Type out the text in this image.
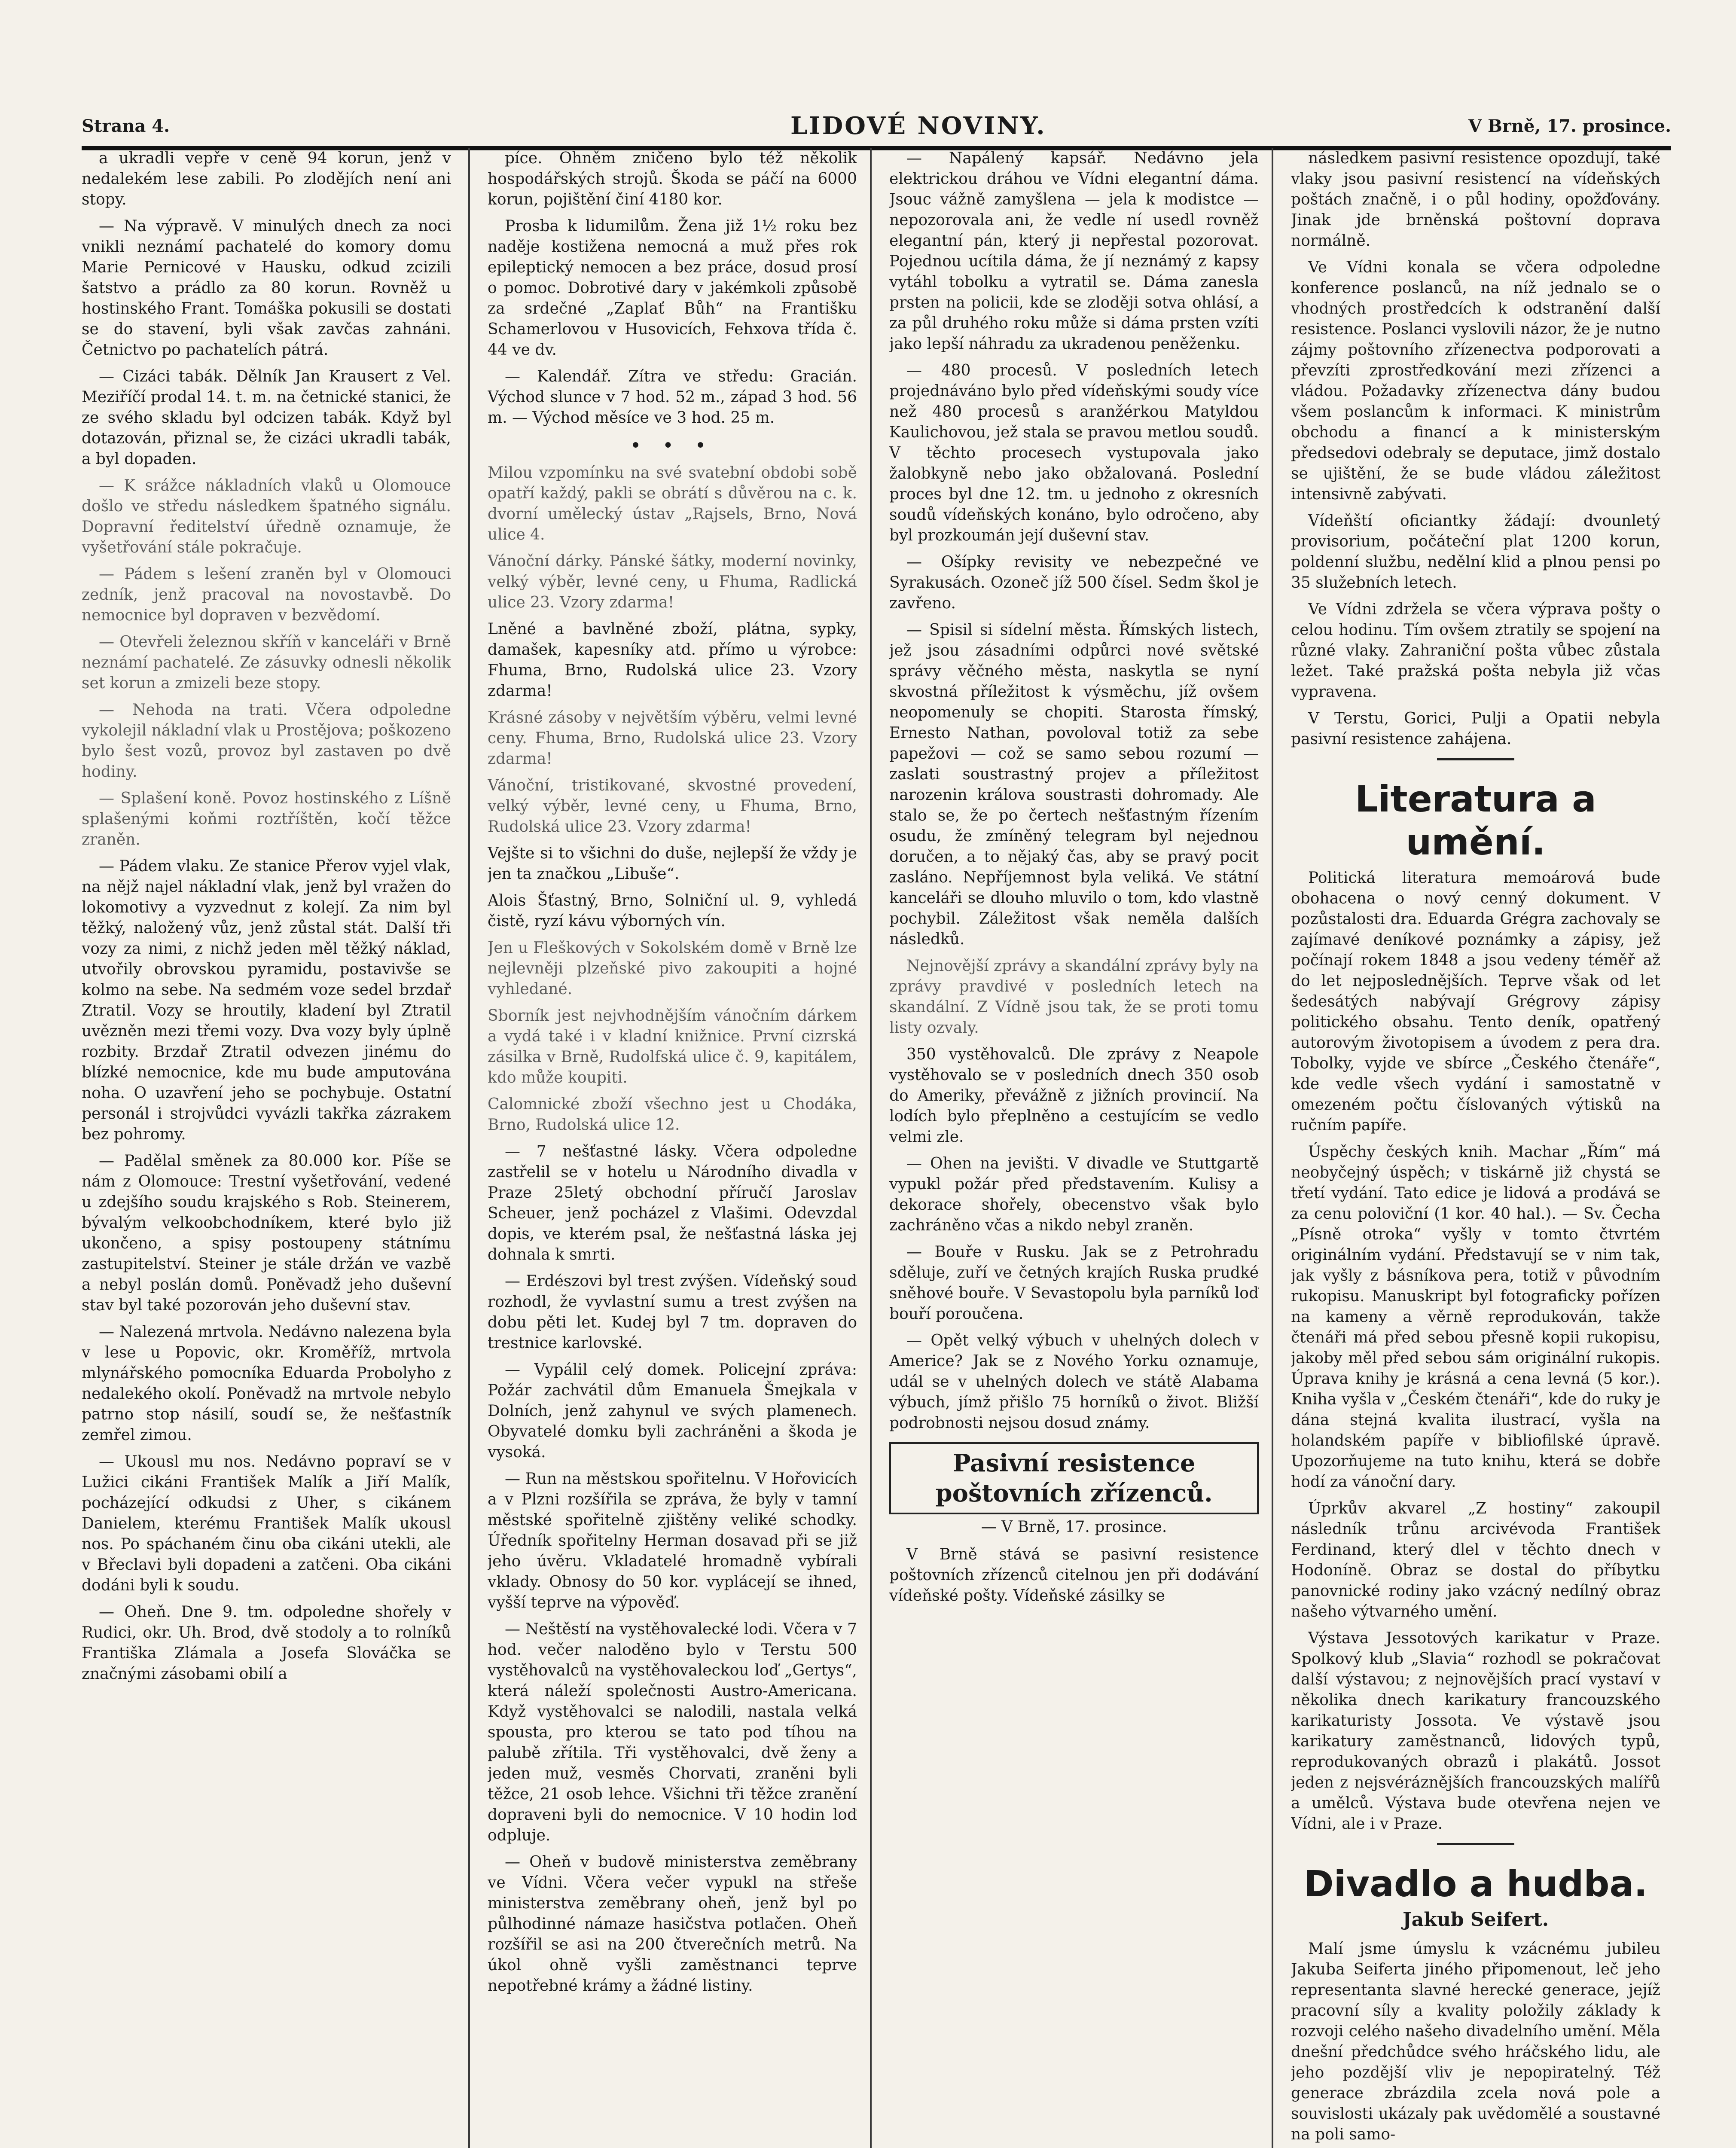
Strana 4.	LIDOVÉ NOVINY.	V Brně, 17. prosince.

a ukradli vepře v ceně 94 korun, jenž v nedalekém lese zabili. Po zlodějích není ani stopy.

— Na výpravě. V minulých dnech za noci vnikli neznámí pachatelé do komory domu Marie Pernicové v Hausku, odkud zcizili šatstvo a prádlo za 80 korun. Rovněž u hostinského Frant. Tomáška pokusili se dostati se do stavení, byli však zavčas zahnáni. Četnictvo po pachatelích pátrá.

— Cizáci tabák. Dělník Jan Krausert z Vel. Meziříčí prodal 14. t. m. na četnické stanici, že ze svého skladu byl odcizen tabák. Když byl dotazován, přiznal se, že cizáci ukradli tabák, a byl dopaden.

— K srážce nákladních vlaků u Olomouce došlo ve středu následkem špatného signálu. Dopravní ředitelství úředně oznamuje, že vyšetřování stále pokračuje.

— Pádem s lešení zraněn byl v Olomouci zedník, jenž pracoval na novostavbě. Do nemocnice byl dopraven v bezvědomí.

— Otevřeli železnou skříň v kanceláři v Brně neznámí pachatelé. Ze zásuvky odnesli několik set korun a zmizeli beze stopy.

— Nehoda na trati. Včera odpoledne vykolejil nákladní vlak u Prostějova; poškozeno bylo šest vozů, provoz byl zastaven po dvě hodiny.

— Splašení koně. Povoz hostinského z Líšně splašenými koňmi roztříštěn, kočí těžce zraněn.

— Pádem vlaku. Ze stanice Přerov vyjel vlak, na nějž najel nákladní vlak, jenž byl vražen do lokomotivy a vyzvednut z kolejí. Za nim byl těžký, naložený vůz, jenž zůstal stát. Další tři vozy za nimi, z nichž jeden měl těžký náklad, utvořily obrovskou pyramidu, postavivše se kolmo na sebe. Na sedmém voze sedel brzdař Ztratil. Vozy se hroutily, kladení byl Ztratil uvězněn mezi třemi vozy. Dva vozy byly úplně rozbity. Brzdař Ztratil odvezen jinému do blízké nemocnice, kde mu bude amputována noha. O uzavření jeho se pochybuje. Ostatní personál i strojvůdci vyvázli takřka zázrakem bez pohromy.

— Padělal směnek za 80.000 kor. Píše se nám z Olomouce: Trestní vyšetřování, vedené u zdejšího soudu krajského s Rob. Steinerem, bývalým velkoobchodníkem, které bylo již ukončeno, a spisy postoupeny státnímu zastupitelství. Steiner je stále držán ve vazbě a nebyl poslán domů. Poněvadž jeho duševní stav byl také pozorován jeho duševní stav.

— Nalezená mrtvola. Nedávno nalezena byla v lese u Popovic, okr. Kroměříž, mrtvola mlynářského pomocníka Eduarda Probolyho z nedalekého okolí. Poněvadž na mrtvole nebylo patrno stop násilí, soudí se, že nešťastník zemřel zimou.

— Ukousl mu nos. Nedávno popraví se v Lužici cikáni František Malík a Jiří Malík, pocházející odkudsi z Uher, s cikánem Danielem, kterému František Malík ukousl nos. Po spáchaném činu oba cikáni utekli, ale v Břeclavi byli dopadeni a zatčeni. Oba cikáni dodáni byli k soudu.

— Oheň. Dne 9. tm. odpoledne shořely v Rudici, okr. Uh. Brod, dvě stodoly a to rolníků Františka Zlámala a Josefa Slováčka se značnými zásobami obilí a

píce. Ohněm zničeno bylo též několik hospodářských strojů. Škoda se páčí na 6000 korun, pojištění činí 4180 kor.

Prosba k lidumilům. Žena již 1½ roku bez naděje kostižena nemocná a muž přes rok epileptický nemocen a bez práce, dosud prosí o pomoc. Dobrotivé dary v jakémkoli způsobě za srdečné „Zaplať Bůh“ na Františku Schamerlovou v Husovicích, Fehxova třída č. 44 ve dv.

— Kalendář. Zítra ve středu: Gracián. Východ slunce v 7 hod. 52 m., západ 3 hod. 56 m. — Východ měsíce ve 3 hod. 25 m.

• • •

Milou vzpomínku na své svatební obdobi sobě opatří každý, pakli se obrátí s důvěrou na c. k. dvorní umělecký ústav „Rajsels, Brno, Nová ulice 4.

Vánoční dárky. Pánské šátky, moderní novinky, velký výběr, levné ceny, u Fhuma, Radlická ulice 23. Vzory zdarma!

Lněné a bavlněné zboží, plátna, sypky, damašek, kapesníky atd. přímo u výrobce: Fhuma, Brno, Rudolská ulice 23. Vzory zdarma!

Krásné zásoby v největším výběru, velmi levné ceny. Fhuma, Brno, Rudolská ulice 23. Vzory zdarma!

Vánoční, tristikované, skvostné provedení, velký výběr, levné ceny, u Fhuma, Brno, Rudolská ulice 23. Vzory zdarma!

Vejšte si to všichni do duše, nejlepší že vždy je jen ta značkou „Libuše“.

Alois Šťastný, Brno, Solniční ul. 9, vyhledá čistě, ryzí kávu výborných vín.

Jen u Fleškových v Sokolském domě v Brně lze nejlevněji plzeňské pivo zakoupiti a hojné vyhledané.

Sborník jest nejvhodnějším vánočním dárkem a vydá také i v kladní knižnice. První cizrská zásilka v Brně, Rudolfská ulice č. 9, kapitálem, kdo může koupiti.

Calomnické zboží všechno jest u Chodáka, Brno, Rudolská ulice 12.

— 7 nešťastné lásky. Včera odpoledne zastřelil se v hotelu u Národního divadla v Praze 25letý obchodní příručí Jaroslav Scheuer, jenž pocházel z Vlašimi. Odevzdal dopis, ve kterém psal, že nešťastná láska jej dohnala k smrti.

— Erdészovi byl trest zvýšen. Vídeňský soud rozhodl, že vyvlastní sumu a trest zvýšen na dobu pěti let. Kudej byl 7 tm. dopraven do trestnice karlovské.

— Vypálil celý domek. Policejní zpráva: Požár zachvátil dům Emanuela Šmejkala v Dolních, jenž zahynul ve svých plamenech. Obyvatelé domku byli zachráněni a škoda je vysoká.

— Run na městskou spořitelnu. V Hořovicích a v Plzni rozšířila se zpráva, že byly v tamní městské spořitelně zjištěny veliké schodky. Úředník spořitelny Herman dosavad při se již jeho úvěru. Vkladatelé hromadně vybírali vklady. Obnosy do 50 kor. vyplácejí se ihned, vyšší teprve na výpověď.

— Neštěstí na vystěhovalecké lodi. Včera v 7 hod. večer naloděno bylo v Terstu 500 vystěhovalců na vystěhovaleckou loď „Gertys“, která náleží společnosti Austro-Americana. Když vystěhovalci se nalodili, nastala velká spousta, pro kterou se tato pod tíhou na palubě zřítila. Tři vystěhovalci, dvě ženy a jeden muž, vesměs Chorvati, zraněni byli těžce, 21 osob lehce. Všichni tři těžce zranění dopraveni byli do nemocnice. V 10 hodin loď odpluje.

— Oheň v budově ministerstva zeměbrany ve Vídni. Včera večer vypukl na střeše ministerstva zeměbrany oheň, jenž byl po půlhodinné námaze hasičstva potlačen. Oheň rozšířil se asi na 200 čtverečních metrů. Na úkol ohně vyšli zaměstnanci teprve nepotřebné krámy a žádné listiny.

— Napálený kapsář. Nedávno jela elektrickou dráhou ve Vídni elegantní dáma. Jsouc vážně zamyšlena — jela k modistce — nepozorovala ani, že vedle ní usedl rovněž elegantní pán, který ji nepřestal pozorovat. Pojednou ucítila dáma, že jí neznámý z kapsy vytáhl tobolku a vytratil se. Dáma zanesla prsten na policii, kde se zloději sotva ohlásí, a za půl druhého roku může si dáma prsten vzíti jako lepší náhradu za ukradenou peněženku.

— 480 procesů. V posledních letech projednáváno bylo před vídeňskými soudy více než 480 procesů s aranžérkou Matyldou Kaulichovou, jež stala se pravou metlou soudů. V těchto procesech vystupovala jako žalobkyně nebo jako obžalovaná. Poslední proces byl dne 12. tm. u jednoho z okresních soudů vídeňských konáno, bylo odročeno, aby byl prozkoumán její duševní stav.

— Ošípky revisity ve nebezpečné ve Syrakusách. Ozoneč jíž 500 čísel. Sedm škol je zavřeno.

— Spisil si sídelní města. Římských listech, jež jsou zásadními odpůrci nové světské správy věčného města, naskytla se nyní skvostná příležitost k výsměchu, jíž ovšem neopomenuly se chopiti. Starosta římský, Ernesto Nathan, povoloval totiž za sebe papežovi — což se samo sebou rozumí — zaslati soustrastný projev a příležitost narozenin králova soustrasti dohromady. Ale stalo se, že po čertech nešťastným řízením osudu, že zmíněný telegram byl nejednou doručen, a to nějaký čas, aby se pravý pocit zasláno. Nepříjemnost byla veliká. Ve státní kanceláři se dlouho mluvilo o tom, kdo vlastně pochybil. Záležitost však neměla dalších následků.

Nejnovější zprávy a skandální zprávy byly na zprávy pravdivé v posledních letech na skandální. Z Vídně jsou tak, že se proti tomu listy ozvaly.

350 vystěhovalců. Dle zprávy z Neapole vystěhovalo se v posledních dnech 350 osob do Ameriky, převážně z jižních provincií. Na lodích bylo přeplněno a cestujícím se vedlo velmi zle.

— Ohen na jevišti. V divadle ve Stuttgartě vypukl požár před představením. Kulisy a dekorace shořely, obecenstvo však bylo zachráněno včas a nikdo nebyl zraněn.

— Bouře v Rusku. Jak se z Petrohradu sděluje, zuří ve četných krajích Ruska prudké sněhové bouře. V Sevastopolu byla parníků loď bouří poroučena.

— Opět velký výbuch v uhelných dolech v Americe? Jak se z Nového Yorku oznamuje, udál se v uhelných dolech ve státě Alabama výbuch, jímž přišlo 75 horníků o život. Bližší podrobnosti nejsou dosud známy.

Pasivní resistence poštovních zřízenců.
— V Brně, 17. prosince.

V Brně stává se pasivní resistence poštovních zřízenců citelnou jen při dodávání vídeňské pošty. Vídeňské zásilky se

následkem pasivní resistence opozdují, také vlaky jsou pasivní resistencí na vídeňských poštách značně, i o půl hodiny, opožďovány. Jinak jde brněnská poštovní doprava normálně.

Ve Vídni konala se včera odpoledne konference poslanců, na níž jednalo se o vhodných prostředcích k odstranění další resistence. Poslanci vyslovili názor, že je nutno zájmy poštovního zřízenectva podporovati a převzíti zprostředkování mezi zřízenci a vládou. Požadavky zřízenectva dány budou všem poslancům k informaci. K ministrům obchodu a financí a k ministerským předsedovi odebraly se deputace, jimž dostalo se ujištění, že se bude vládou záležitost intensivně zabývati.

Vídeňští oficiantky žádají: dvounletý provisorium, počáteční plat 1200 korun, poldenní službu, nedělní klid a plnou pensi po 35 služebních letech.

Ve Vídni zdržela se včera výprava pošty o celou hodinu. Tím ovšem ztratily se spojení na různé vlaky. Zahraniční pošta vůbec zůstala ležet. Také pražská pošta nebyla již včas vypravena.

V Terstu, Gorici, Pulji a Opatii nebyla pasivní resistence zahájena.

Literatura a umění.

Politická literatura memoárová bude obohacena o nový cenný dokument. V pozůstalosti dra. Eduarda Grégra zachovaly se zajímavé deníkové poznámky a zápisy, jež počínají rokem 1848 a jsou vedeny téměř až do let nejposlednějších. Teprve však od let šedesátých nabývají Grégrovy zápisy politického obsahu. Tento deník, opatřený autorovým životopisem a úvodem z pera dra. Tobolky, vyjde ve sbírce „Českého čtenáře“, kde vedle všech vydání i samostatně v omezeném počtu číslovaných výtisků na ručním papíře.

Úspěchy českých knih. Machar „Řím“ má neobyčejný úspěch; v tiskárně již chystá se třetí vydání. Tato edice je lidová a prodává se za cenu poloviční (1 kor. 40 hal.). — Sv. Čecha „Písně otroka“ vyšly v tomto čtvrtém originálním vydání. Představují se v nim tak, jak vyšly z básníkova pera, totiž v původním rukopisu. Manuskript byl fotograficky pořízen na kameny a věrně reprodukován, takže čtenáři má před sebou přesně kopii rukopisu, jakoby měl před sebou sám originální rukopis. Úprava knihy je krásná a cena levná (5 kor.). Kniha vyšla v „Českém čtenáři“, kde do ruky je dána stejná kvalita ilustrací, vyšla na holandském papíře v bibliofilské úpravě. Upozorňujeme na tuto knihu, která se dobře hodí za vánoční dary.

Úprkův akvarel „Z hostiny“ zakoupil následník trůnu arcivévoda František Ferdinand, který dlel v těchto dnech v Hodoníně. Obraz se dostal do příbytku panovnické rodiny jako vzácný nedílný obraz našeho výtvarného umění.

Výstava Jessotových karikatur v Praze. Spolkový klub „Slavia“ rozhodl se pokračovat další výstavou; z nejnovějších prací vystaví v několika dnech karikatury francouzského karikaturisty Jossota. Ve výstavě jsou karikatury zaměstnanců, lidových typů, reprodukovaných obrazů i plakátů. Jossot jeden z nejsvéráznějších francouzských malířů a umělců. Výstava bude otevřena nejen ve Vídni, ale i v Praze.

Divadlo a hudba.
Jakub Seifert.

Malí jsme úmyslu k vzácnému jubileu Jakuba Seiferta jiného připomenout, leč jeho representanta slavné herecké generace, jejíž pracovní síly a kvality položily základy k rozvoji celého našeho divadelního umění. Měla dnešní předchůdce svého hráčského lidu, ale jeho pozdější vliv je nepopiratelný. Též generace zbrázdila zcela nová pole a souvislosti ukázaly pak uvědomělé a soustavné na poli samo-
